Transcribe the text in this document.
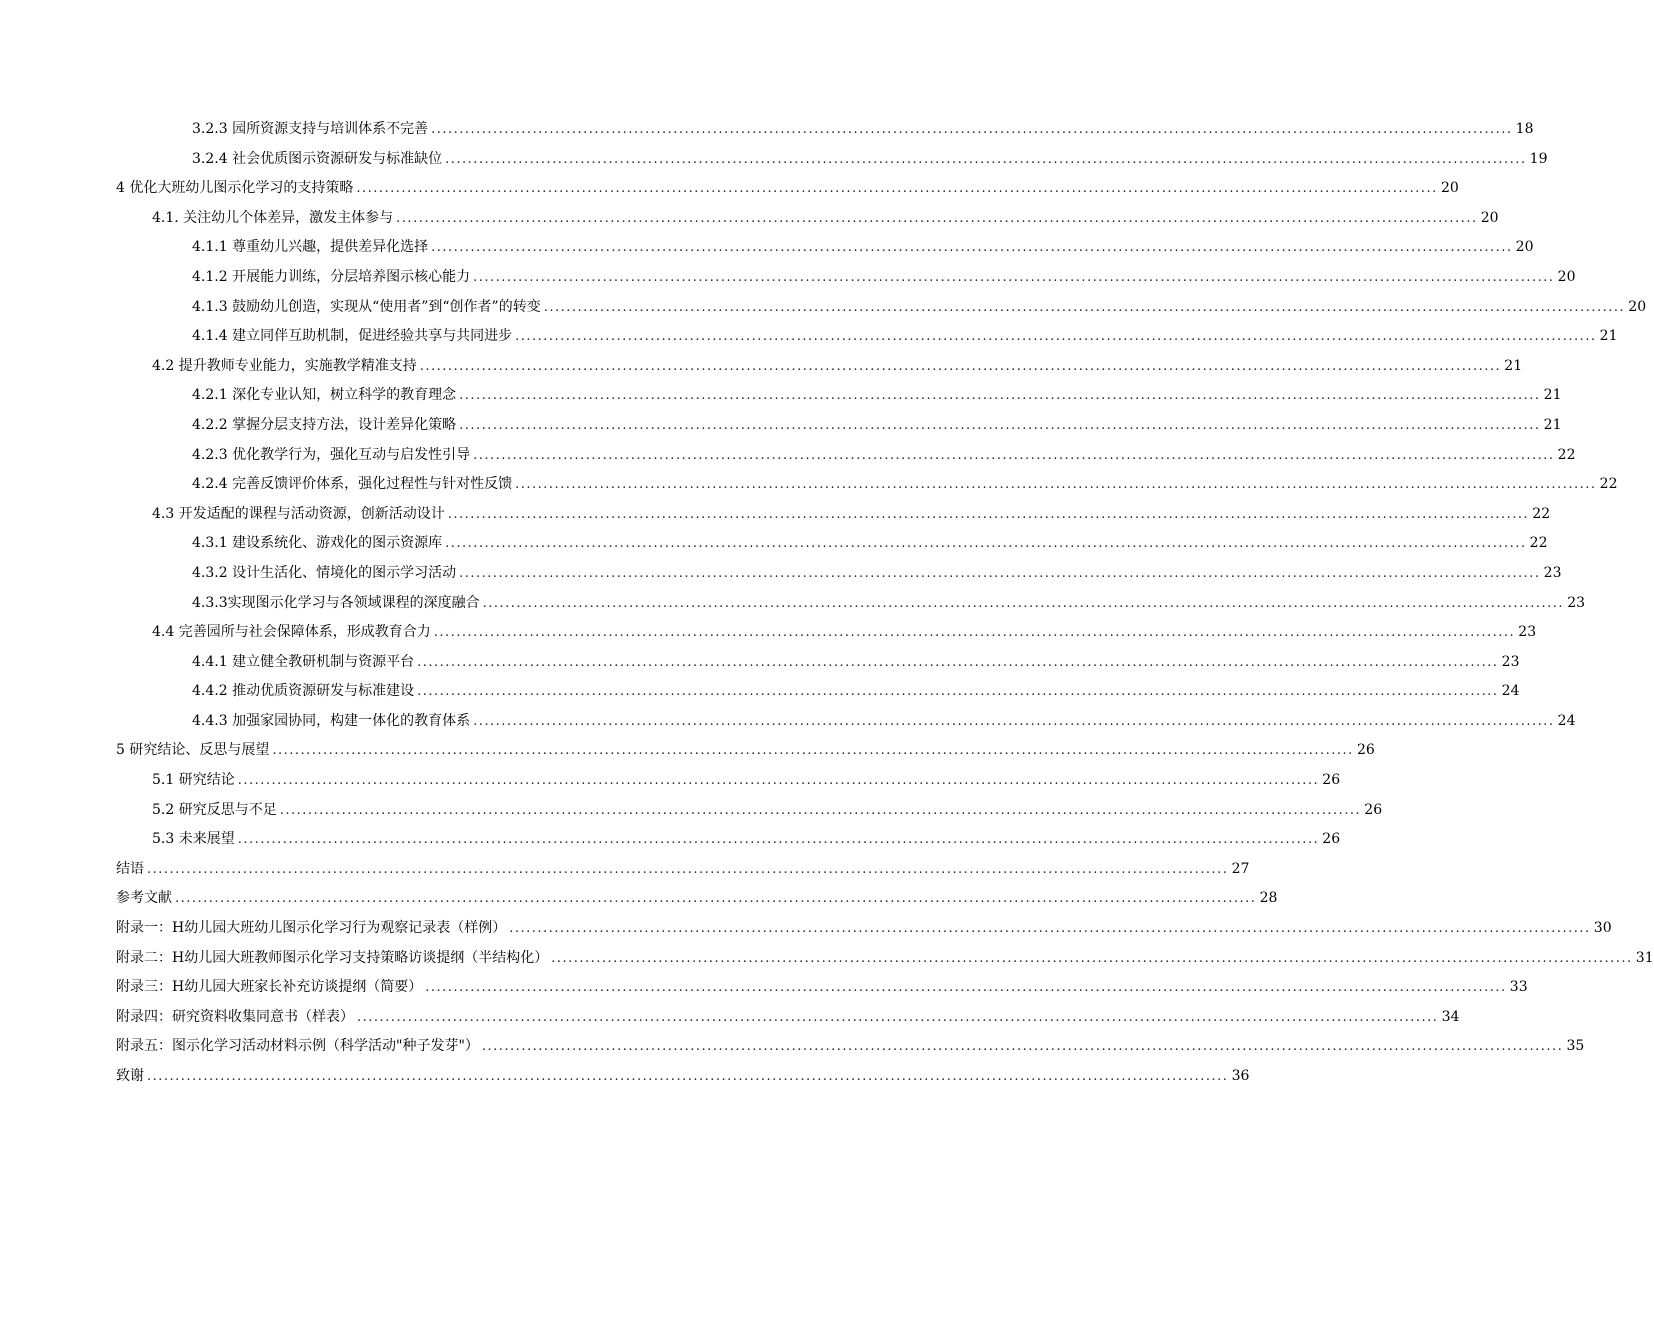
3.2.3 园所资源支持与培训体系不完善 .....	18
3.2.4 社会优质图示资源研发与标准缺位 .....	19
4 优化大班幼儿图示化学习的支持策略 .....	20
4.1. 关注幼儿个体差异，激发主体参与 .....	20
4.1.1 尊重幼儿兴趣，提供差异化选择 .....	20
4.1.2 开展能力训练，分层培养图示核心能力 .....	20
4.1.3 鼓励幼儿创造，实现从“使用者”到“创作者”的转变 .....	20
4.1.4 建立同伴互助机制，促进经验共享与共同进步 .....	21
4.2 提升教师专业能力，实施教学精准支持 .....	21
4.2.1 深化专业认知，树立科学的教育理念 .....	21
4.2.2 掌握分层支持方法，设计差异化策略 .....	21
4.2.3 优化教学行为，强化互动与启发性引导 .....	22
4.2.4 完善反馈评价体系，强化过程性与针对性反馈 .....	22
4.3 开发适配的课程与活动资源，创新活动设计 .....	22
4.3.1 建设系统化、游戏化的图示资源库 .....	22
4.3.2 设计生活化、情境化的图示学习活动 .....	23
4.3.3实现图示化学习与各领域课程的深度融合 .....	23
4.4 完善园所与社会保障体系，形成教育合力 .....	23
4.4.1 建立健全教研机制与资源平台 .....	23
4.4.2 推动优质资源研发与标准建设 .....	24
4.4.3 加强家园协同，构建一体化的教育体系 .....	24
5 研究结论、反思与展望 .....	26
5.1 研究结论 .....	26
5.2 研究反思与不足 .....	26
5.3 未来展望 .....	26
结语 .....	27
参考文献 .....	28
附录一：H幼儿园大班幼儿图示化学习行为观察记录表（样例） .....	30
附录二：H幼儿园大班教师图示化学习支持策略访谈提纲（半结构化） .....	31
附录三：H幼儿园大班家长补充访谈提纲（简要） .....	33
附录四：研究资料收集同意书（样表） .....	34
附录五：图示化学习活动材料示例（科学活动"种子发芽"） .....	35
致谢 .....	36
